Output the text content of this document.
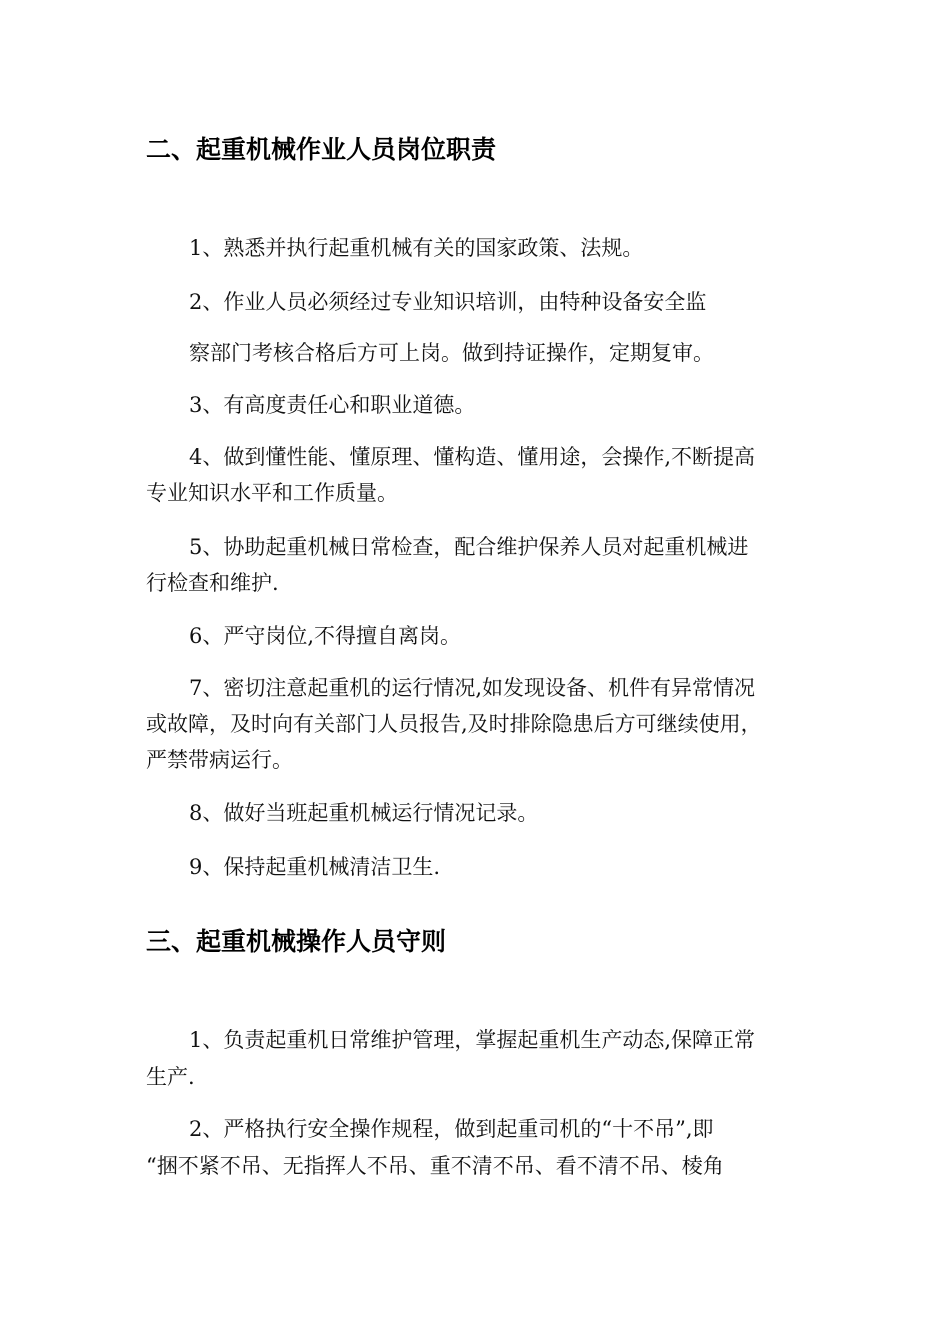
二、起重机械作业人员岗位职责
1、熟悉并执行起重机械有关的国家政策、法规。
2、作业人员必须经过专业知识培训，由特种设备安全监
察部门考核合格后方可上岗。做到持证操作，定期复审。
3、有高度责任心和职业道德。
4、做到懂性能、懂原理、懂构造、懂用途，会操作,不断提高
专业知识水平和工作质量。
5、协助起重机械日常检查，配合维护保养人员对起重机械进
行检查和维护.
6、严守岗位,不得擅自离岗。
7、密切注意起重机的运行情况,如发现设备、机件有异常情况
或故障，及时向有关部门人员报告,及时排除隐患后方可继续使用，
严禁带病运行。
8、做好当班起重机械运行情况记录。
9、保持起重机械清洁卫生.
三、起重机械操作人员守则
1、负责起重机日常维护管理，掌握起重机生产动态,保障正常
生产.
2、严格执行安全操作规程，做到起重司机的“十不吊”,即
“捆不紧不吊、无指挥人不吊、重不清不吊、看不清不吊、棱角
